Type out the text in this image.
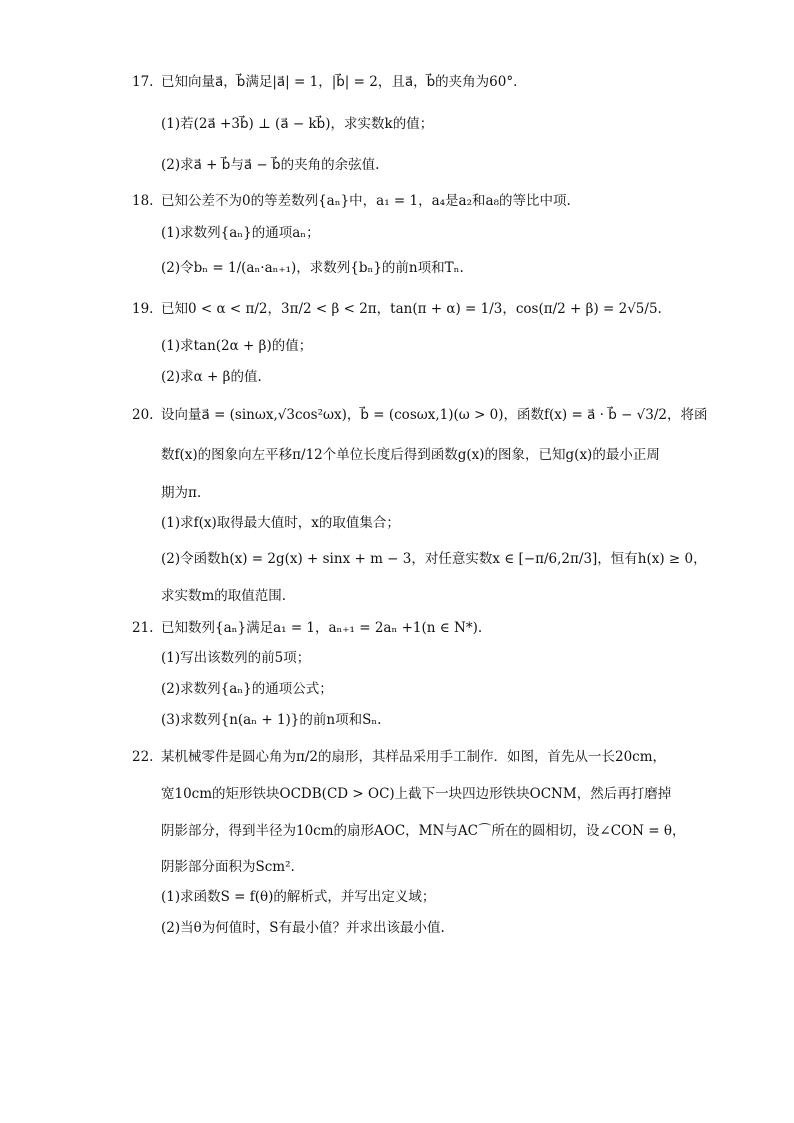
17. 已知向量a⃗，b⃗满足|a⃗| = 1，|b⃗| = 2，且a⃗，b⃗的夹角为60°.
(1)若(2a⃗ +3b⃗) ⊥ (a⃗ − kb⃗)，求实数k的值；
(2)求a⃗ + b⃗与a⃗ − b⃗的夹角的余弦值.
18. 已知公差不为0的等差数列{aₙ}中，a₁ = 1，a₄是a₂和a₈的等比中项.
(1)求数列{aₙ}的通项aₙ；
(2)令bₙ = 1/(aₙ·aₙ₊₁)，求数列{bₙ}的前n项和Tₙ.
19. 已知0 < α < π/2，3π/2 < β < 2π，tan(π + α) = 1/3，cos(π/2 + β) = 2√5/5.
(1)求tan(2α + β)的值；
(2)求α + β的值.
20. 设向量a⃗ = (sinωx,√3cos²ωx)，b⃗ = (cosωx,1)(ω > 0)，函数f(x) = a⃗ · b⃗ − √3/2，将函
数f(x)的图象向左平移π/12个单位长度后得到函数g(x)的图象，已知g(x)的最小正周
期为π.
(1)求f(x)取得最大值时，x的取值集合；
(2)令函数h(x) = 2g(x) + sinx + m − 3，对任意实数x ∈ [−π/6,2π/3]，恒有h(x) ≥ 0，
求实数m的取值范围.
21. 已知数列{aₙ}满足a₁ = 1，aₙ₊₁ = 2aₙ +1(n ∈ N*).
(1)写出该数列的前5项；
(2)求数列{aₙ}的通项公式；
(3)求数列{n(aₙ + 1)}的前n项和Sₙ.
22. 某机械零件是圆心角为π/2的扇形，其样品采用手工制作．如图，首先从一长20cm，
宽10cm的矩形铁块OCDB(CD > OC)上截下一块四边形铁块OCNM，然后再打磨掉
阴影部分，得到半径为10cm的扇形AOC，MN与AC⌒所在的圆相切，设∠CON = θ，
阴影部分面积为Scm².
(1)求函数S = f(θ)的解析式，并写出定义域；
(2)当θ为何值时，S有最小值？并求出该最小值.
